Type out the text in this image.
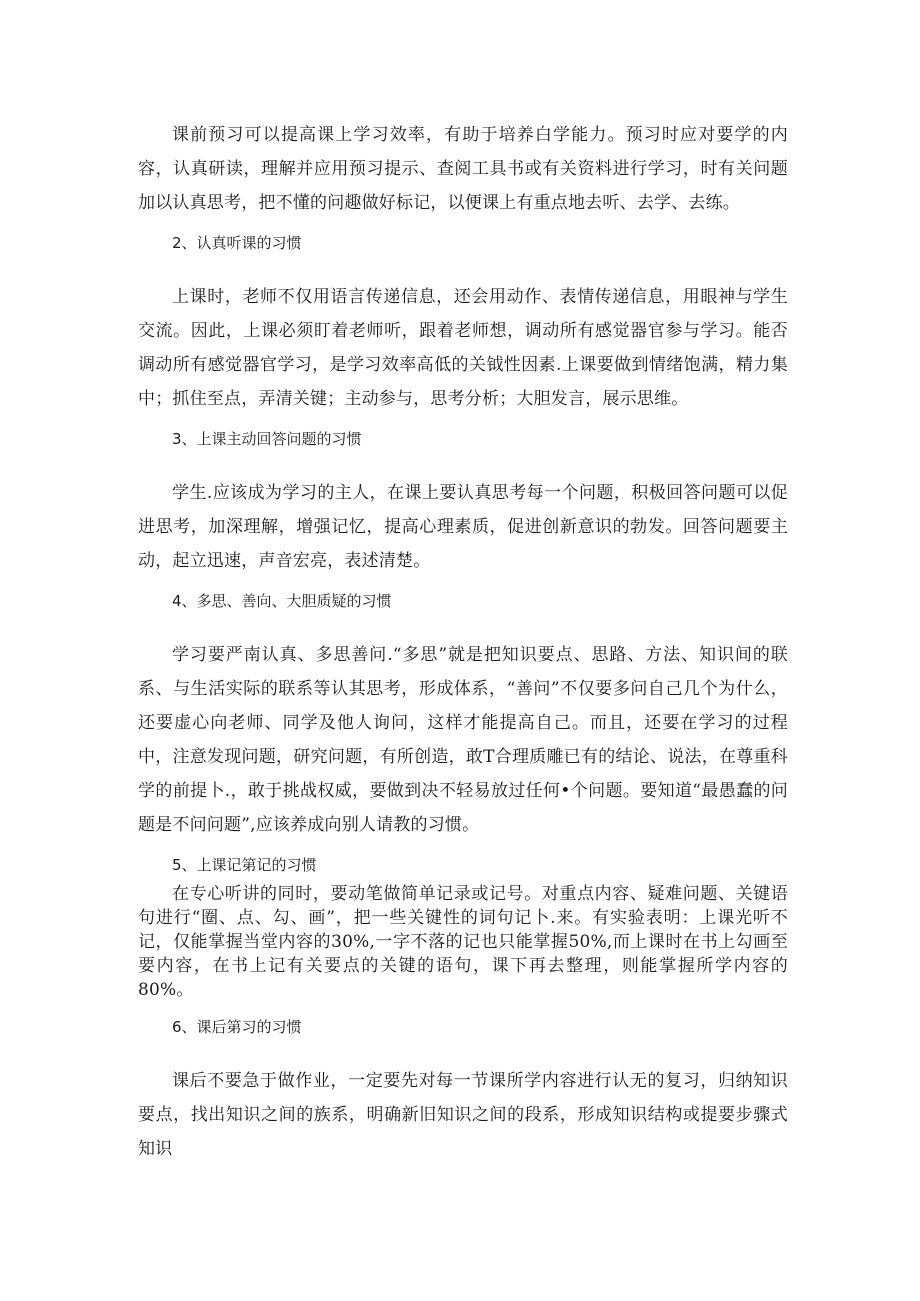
课前预习可以提高课上学习效率，有助于培养白学能力。预习时应对要学的内容，认真研读，理解并应用预习提示、查阅工具书或有关资料进行学习，时有关问题加以认真思考，把不懂的问趣做好标记，以便课上有重点地去听、去学、去练。

2、认真听课的习惯

上课时，老师不仅用语言传递信息，还会用动作、表情传递信息，用眼神与学生交流。因此，上课必须盯着老师听，跟着老师想，调动所有感觉器官参与学习。能否调动所有感觉器官学习，是学习效率高低的关钺性因素.上课要做到情绪饱满，精力集中；抓住至点，弄清关键；主动参与，思考分析；大胆发言，展示思维。

3、上课主动回答问题的习惯

学生.应该成为学习的主人，在课上要认真思考每一个问题，积极回答问题可以促进思考，加深理解，增强记忆，提高心理素质，促进创新意识的勃发。回答问题要主动，起立迅速，声音宏亮，表述清楚。

4、多思、善向、大胆质疑的习惯

学习要严南认真、多思善问.“多思”就是把知识要点、思路、方法、知识间的联系、与生活实际的联系等认其思考，形成体系，“善问”不仅要多问自己几个为什么，还要虚心向老师、同学及他人询问，这样才能提高自己。而且，还要在学习的过程中，注意发现问题，研究问题，有所创造，敢T合理质雕已有的结论、说法，在尊重科学的前提卜.，敢于挑战权威，要做到决不轻易放过任何•个问题。要知道“最愚蠢的问题是不问问题”,应该养成向别人请教的习惯。

5、上课记第记的习惯

在专心听讲的同时，要动笔做简单记录或记号。对重点内容、疑难问题、关键语句进行“圈、点、勾、画”，把一些关键性的词句记卜.来。有实验表明：上课光听不记，仅能掌握当堂内容的30%,一字不落的记也只能掌握50%,而上课时在书上勾画至要内容，在书上记有关要点的关键的语句，课下再去整理，则能掌握所学内容的80%。

6、课后第习的习惯

课后不要急于做作业，一定要先对每一节课所学内容进行认无的复习，归纳知识要点，找出知识之间的族系，明确新旧知识之间的段系，形成知识结构或提要步骤式知识
